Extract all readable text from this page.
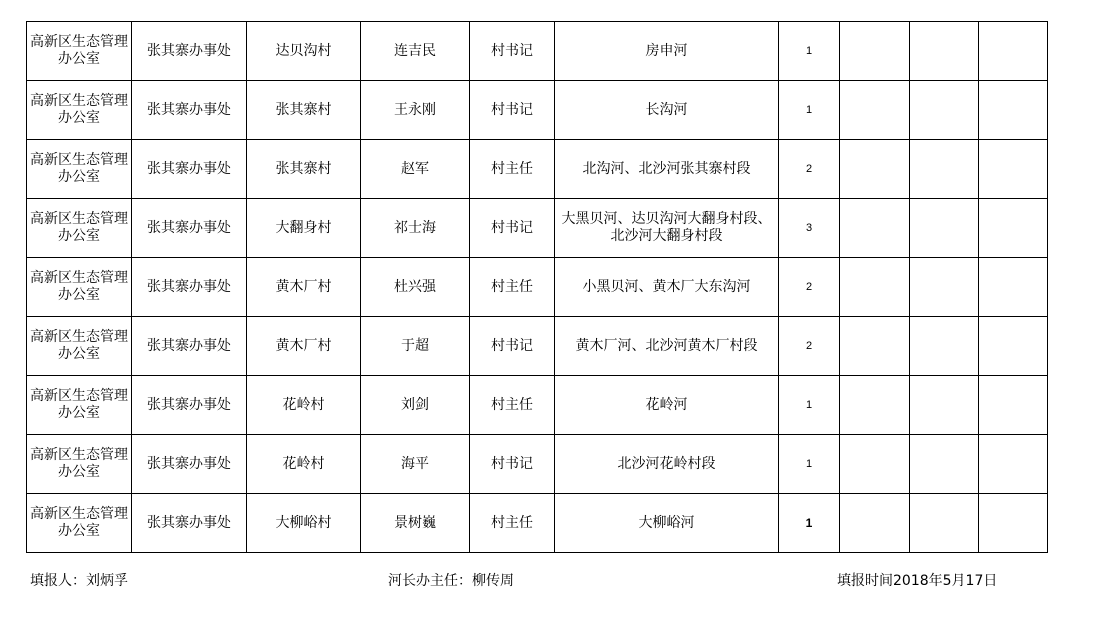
高新区生态管理办公室	张其寨办事处	达贝沟村	连吉民	村书记	房申河	1			
高新区生态管理办公室	张其寨办事处	张其寨村	王永刚	村书记	长沟河	1			
高新区生态管理办公室	张其寨办事处	张其寨村	赵军	村主任	北沟河、北沙河张其寨村段	2			
高新区生态管理办公室	张其寨办事处	大翻身村	祁士海	村书记	大黑贝河、达贝沟河大翻身村段、北沙河大翻身村段	3			
高新区生态管理办公室	张其寨办事处	黄木厂村	杜兴强	村主任	小黑贝河、黄木厂大东沟河	2			
高新区生态管理办公室	张其寨办事处	黄木厂村	于超	村书记	黄木厂河、北沙河黄木厂村段	2			
高新区生态管理办公室	张其寨办事处	花岭村	刘剑	村主任	花岭河	1			
高新区生态管理办公室	张其寨办事处	花岭村	海平	村书记	北沙河花岭村段	1			
高新区生态管理办公室	张其寨办事处	大柳峪村	景树巍	村主任	大柳峪河	1			
填报人：刘炳孚	河长办主任：柳传周	填报时间2018年5月17日
